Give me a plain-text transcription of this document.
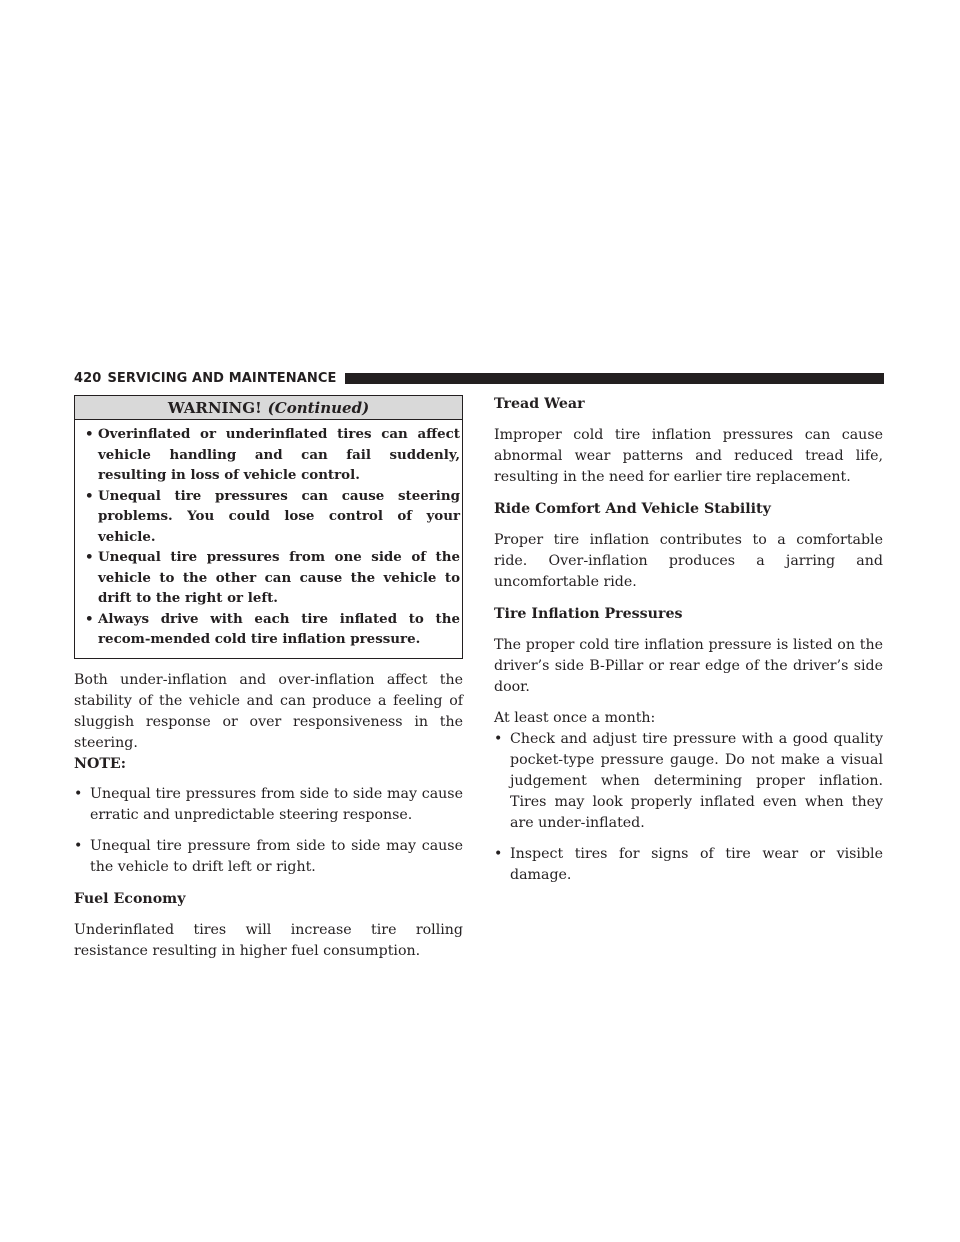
420 SERVICING AND MAINTENANCE
WARNING! (Continued)
• Overinflated or underinflated tires can affect vehicle handling and can fail suddenly, resulting in loss of vehicle control.
• Unequal tire pressures can cause steering problems. You could lose control of your vehicle.
• Unequal tire pressures from one side of the vehicle to the other can cause the vehicle to drift to the right or left.
• Always drive with each tire inflated to the recom-mended cold tire inflation pressure.

Both under-inflation and over-inflation affect the stability of the vehicle and can produce a feeling of sluggish response or over responsiveness in the steering.

NOTE:
• Unequal tire pressures from side to side may cause erratic and unpredictable steering response.
• Unequal tire pressure from side to side may cause the vehicle to drift left or right.
Fuel Economy

Underinflated tires will increase tire rolling resistance resulting in higher fuel consumption.

Tread Wear

Improper cold tire inflation pressures can cause abnormal wear patterns and reduced tread life, resulting in the need for earlier tire replacement.

Ride Comfort And Vehicle Stability

Proper tire inflation contributes to a comfortable ride. Over-inflation produces a jarring and uncomfortable ride.

Tire Inflation Pressures

The proper cold tire inflation pressure is listed on the driver’s side B-Pillar or rear edge of the driver’s side door.

At least once a month:

• Check and adjust tire pressure with a good quality pocket-type pressure gauge. Do not make a visual judgement when determining proper inflation. Tires may look properly inflated even when they are under-inflated.
• Inspect tires for signs of tire wear or visible damage.
